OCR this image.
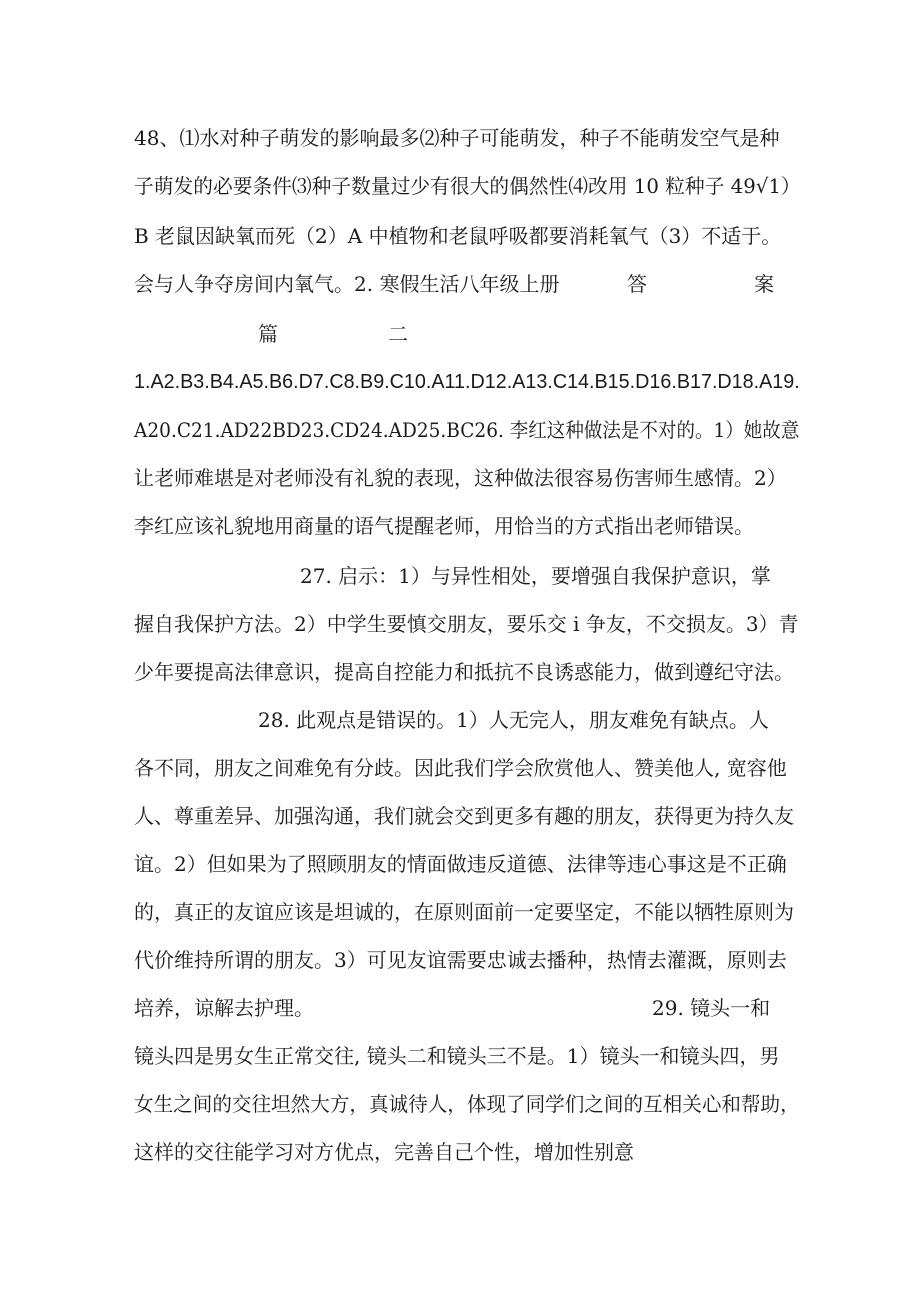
48、⑴水对种子萌发的影响最多⑵种子可能萌发，种子不能萌发空气是种

子萌发的必要条件⑶种子数量过少有很大的偶然性⑷改用 10 粒种子 49√1）

B 老鼠因缺氧而死（2）A 中植物和老鼠呼吸都要消耗氧气（3）不适于。

会与人争夺房间内氧气。2. 寒假生活八年级上册	答	案

篇	二

1.A2.B3.B4.A5.B6.D7.C8.B9.C10.A11.D12.A13.C14.B15.D16.B17.D18.A19.

A20.C21.AD22BD23.CD24.AD25.BC26. 李红这种做法是不对的。1）她故意

让老师难堪是对老师没有礼貌的表现，这种做法很容易伤害师生感情。2）

李红应该礼貌地用商量的语气提醒老师，用恰当的方式指出老师错误。

27. 启示：1）与异性相处，要增强自我保护意识，掌

握自我保护方法。2）中学生要慎交朋友，要乐交 i 争友，不交损友。3）青

少年要提高法律意识，提高自控能力和抵抗不良诱惑能力，做到遵纪守法。

28. 此观点是错误的。1）人无完人，朋友难免有缺点。人

各不同，朋友之间难免有分歧。因此我们学会欣赏他人、赞美他人, 宽容他

人、尊重差异、加强沟通，我们就会交到更多有趣的朋友，获得更为持久友

谊。2）但如果为了照顾朋友的情面做违反道德、法律等违心事这是不正确

的，真正的友谊应该是坦诚的，在原则面前一定要坚定，不能以牺牲原则为

代价维持所谓的朋友。3）可见友谊需要忠诚去播种，热情去灌溉，原则去

培养，谅解去护理。	29. 镜头一和

镜头四是男女生正常交往, 镜头二和镜头三不是。1）镜头一和镜头四，男

女生之间的交往坦然大方，真诚待人，体现了同学们之间的互相关心和帮助，

这样的交往能学习对方优点，完善自己个性，增加性别意
